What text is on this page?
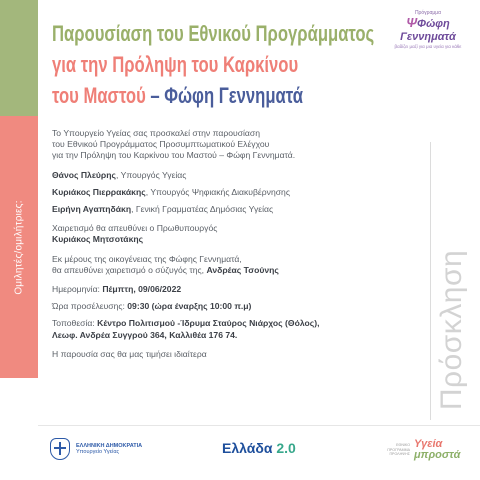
Ομιλητές/ομιλήτριες:
Παρουσίαση του Εθνικού Προγράμματος
για την Πρόληψη του Καρκίνου
του Μαστού – Φώφη Γεννηματά
Πρόγραμμα
ΨΦώφη Γεννηματά
βαδίζει μαζί για μια υγεία για κάθε

Το Υπουργείο Υγείας σας προσκαλεί στην παρουσίαση

του Εθνικού Προγράμματος Προσυμπτωματικού Ελέγχου

για την Πρόληψη του Καρκίνου του Μαστού – Φώφη Γεννηματά.

Θάνος Πλεύρης, Υπουργός Υγείας

Κυριάκος Πιερρακάκης, Υπουργός Ψηφιακής Διακυβέρνησης

Ειρήνη Αγαπηδάκη, Γενική Γραμματέας Δημόσιας Υγείας

Χαιρετισμό θα απευθύνει ο Πρωθυπουργός

Κυριάκος Μητσοτάκης

Εκ μέρους της οικογένειας της Φώφης Γεννηματά,

θα απευθύνει χαιρετισμό ο σύζυγός της, Ανδρέας Τσούνης

Ημερομηνία: Πέμπτη, 09/06/2022

Ώρα προσέλευσης: 09:30 (ώρα έναρξης 10:00 π.μ)

Τοποθεσία: Κέντρο Πολιτισμού -Ίδρυμα Σταύρος Νιάρχος (Θόλος),

Λεωφ. Ανδρέα Συγγρού 364, Καλλιθέα 176 74.

Η παρουσία σας θα μας τιμήσει ιδιαίτερα	Πρόσκληση
ΕΛΛΗΝΙΚΗ ΔΗΜΟΚΡΑΤΙΑ
Υπουργείο Υγείας	Ελλάδα 2.0	ΕΘΝΙΚΟ ΠΡΟΓΡΑΜΜΑ ΠΡΟΛΗΨΗΣ
Υγεία
μπροστά
